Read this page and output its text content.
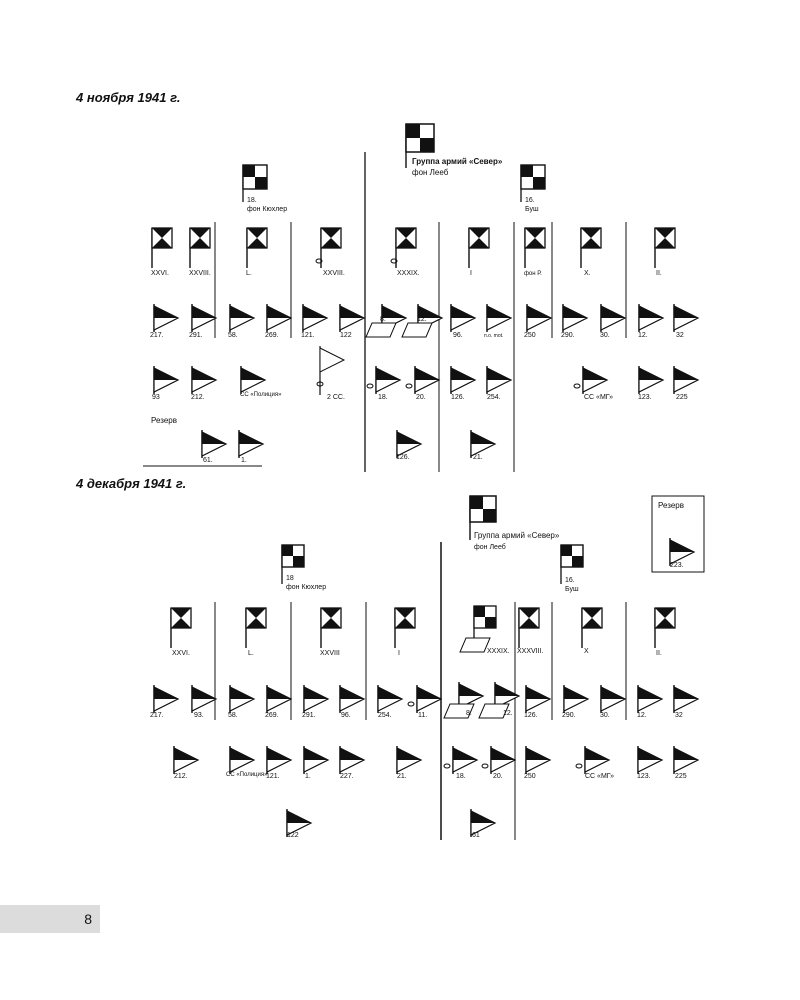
4 ноября 1941 г.
4 декабря 1941 г.
Группа армий «Север»
фон Лееб
18.
фон Кюхлер
16.
Буш
XXVI.	XXVIII.	L.	XXVIII.	XXXIX.	I	фон Р.	X.	II.
217.	291.	58.	269.	121.	122
8.	12.
96.	п.о. mot.	250	290.	30.	12.	32
93	212.	СС «Полиция»	2 СС.	18.	20.	126.	254.	СС «МГ»	123.	225
Резерв
61.	1.	126.	21.
Группа армий «Север»
фон Лееб
Резерв
223.
18
фон Кюхлер
16.
Буш
XXVI.	L.	XXVIII	I	XXXIX. XXXVIII.	X	II.
217.	93.	58.	269.	291.	96.	254.	11.	8.	12. 126.	290.	30.	12.	32
212.	СС «Полиция»
121.	1.	227.	21.	18.	20.	250	СС «МГ»	123.	225
122	61
8
